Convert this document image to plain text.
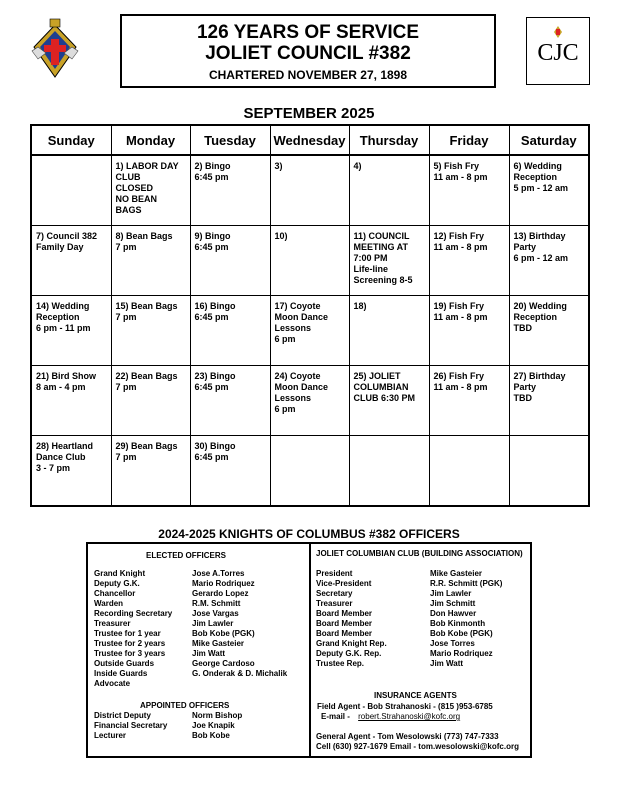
126 YEARS OF SERVICE
JOLIET COUNCIL #382
CHARTERED NOVEMBER 27, 1898
CJC
SEPTEMBER 2025
Sunday	Monday	Tuesday	Wednesday	Thursday	Friday	Saturday
	1) LABOR DAY
CLUB
CLOSED
NO BEAN
BAGS	2) Bingo
6:45 pm	3)	4)	5) Fish Fry
11 am - 8 pm	6) Wedding
Reception
5 pm - 12 am
7) Council 382
Family Day	8) Bean Bags
7 pm	9) Bingo
6:45 pm	10)	11) COUNCIL
MEETING AT
7:00 PM
Life-line
Screening 8-5	12) Fish Fry
11 am - 8 pm	13) Birthday
Party
6 pm - 12 am
14) Wedding
Reception
6 pm - 11 pm	15) Bean Bags
7 pm	16) Bingo
6:45 pm	17) Coyote
Moon Dance
Lessons
6 pm	18)	19) Fish Fry
11 am - 8 pm	20) Wedding
Reception
TBD
21) Bird Show
8 am - 4 pm	22) Bean Bags
7 pm	23) Bingo
6:45 pm	24) Coyote
Moon Dance
Lessons
6 pm	25) JOLIET
COLUMBIAN
CLUB 6:30 PM	26) Fish Fry
11 am - 8 pm	27) Birthday
Party
TBD
28) Heartland
Dance Club
3 - 7 pm	29) Bean Bags
7 pm	30) Bingo
6:45 pm				
2024-2025 KNIGHTS OF COLUMBUS #382 OFFICERS
ELECTED OFFICERS
Grand Knight	Jose A.Torres
Deputy G.K.	Mario Rodriquez
Chancellor	Gerardo Lopez
Warden	R.M. Schmitt
Recording Secretary	Jose Vargas
Treasurer	Jim Lawler
Trustee for 1 year	Bob Kobe (PGK)
Trustee for 2 years	Mike Gasteier
Trustee for 3 years	Jim Watt
Outside Guards	George Cardoso
Inside Guards	G. Onderak & D. Michalik
Advocate
APPOINTED OFFICERS
District Deputy	Norm Bishop
Financial Secretary	Joe Knapik
Lecturer	Bob Kobe
JOLIET COLUMBIAN CLUB (BUILDING ASSOCIATION)
President	Mike Gasteier
Vice-President	R.R. Schmitt (PGK)
Secretary	Jim Lawler
Treasurer	Jim Schmitt
Board Member	Don Hawver
Board Member	Bob Kinmonth
Board Member	Bob Kobe (PGK)
Grand Knight Rep.	Jose Torres
Deputy G.K. Rep.	Mario Rodriquez
Trustee Rep.	Jim Watt
INSURANCE AGENTS
Field Agent - Bob Strahanoski - (815 )953-6785
E-mail - robert.Strahanoski@kofc.org
General Agent - Tom Wesolowski (773) 747-7333
Cell (630) 927-1679 Email - tom.wesolowski@kofc.org
